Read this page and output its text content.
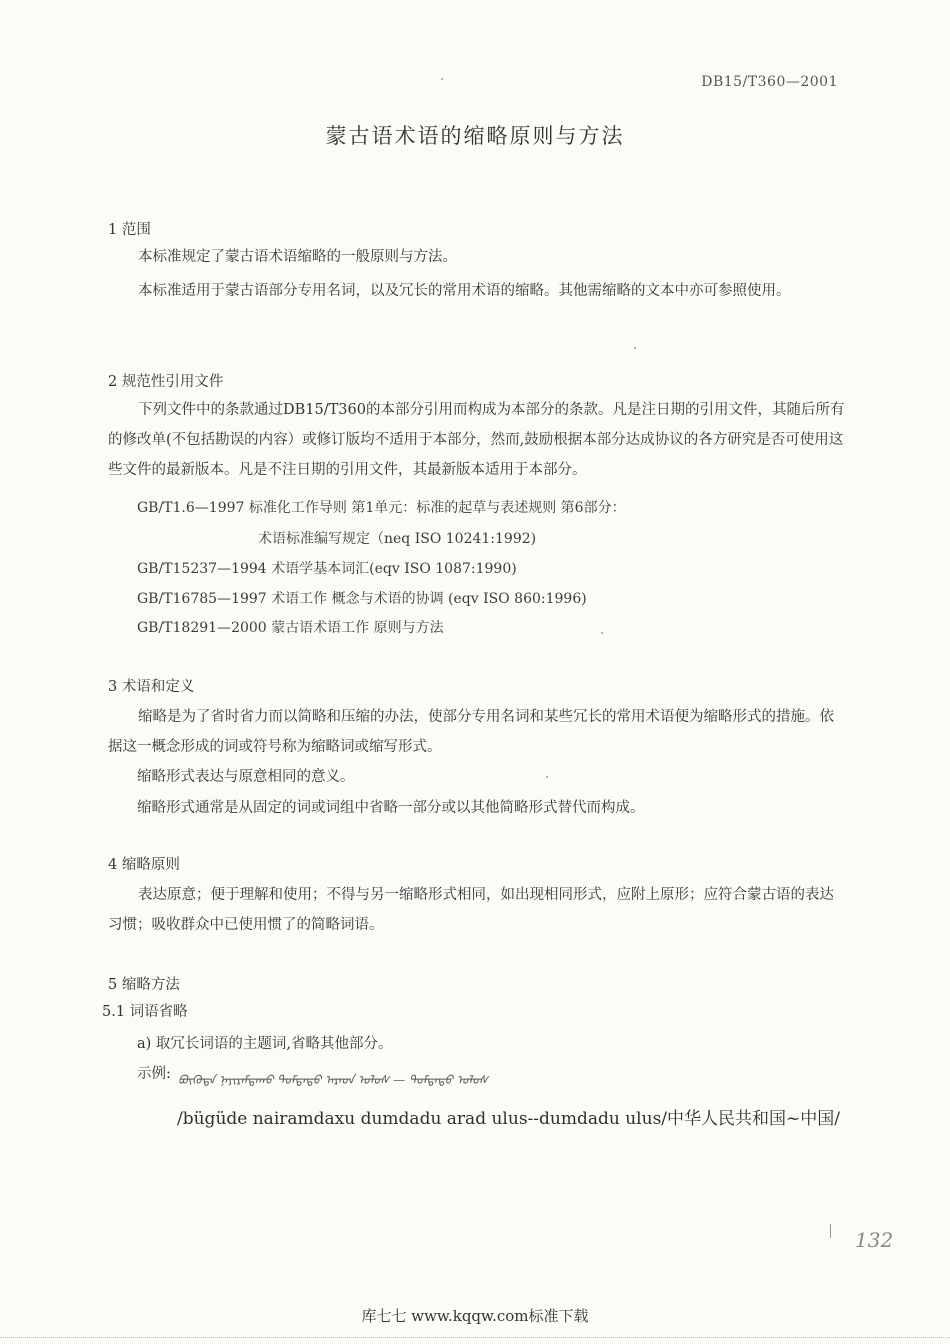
DB15/T360—2001
蒙古语术语的缩略原则与方法
1 范围
本标准规定了蒙古语术语缩略的一般原则与方法。
本标准适用于蒙古语部分专用名词，以及冗长的常用术语的缩略。其他需缩略的文本中亦可参照使用。
2 规范性引用文件
下列文件中的条款通过DB15/T360的本部分引用而构成为本部分的条款。凡是注日期的引用文件，其随后所有的修改单(不包括勘误的内容）或修订版均不适用于本部分，然而,鼓励根据本部分达成协议的各方研究是否可使用这些文件的最新版本。凡是不注日期的引用文件，其最新版本适用于本部分。
GB/T1.6—1997 标准化工作导则 第1单元：标准的起草与表述规则 第6部分：
术语标准编写规定（neq ISO 10241:1992)
GB/T15237—1994 术语学基本词汇(eqv ISO 1087:1990)
GB/T16785—1997 术语工作 概念与术语的协调 (eqv ISO 860:1996)
GB/T18291—2000 蒙古语术语工作 原则与方法
3 术语和定义
缩略是为了省时省力而以简略和压缩的办法，使部分专用名词和某些冗长的常用术语便为缩略形式的措施。依据这一概念形成的词或符号称为缩略词或缩写形式。
缩略形式表达与原意相同的意义。
缩略形式通常是从固定的词或词组中省略一部分或以其他简略形式替代而构成。
4 缩略原则
表达原意；便于理解和使用；不得与另一缩略形式相同，如出现相同形式，应附上原形；应符合蒙古语的表达习惯；吸收群众中已使用惯了的简略词语。
5 缩略方法
5.1 词语省略
a) 取冗长词语的主题词,省略其他部分。
示例: ᠪᠦᠭᠦᠳᠡ ᠨᠠᠶᠢᠷᠠᠮᠳᠠᠬᠤ ᠳᠤᠮᠳᠠᠳᠤ ᠠᠷᠠᠳ ᠤᠯᠤᠰ — ᠳᠤᠮᠳᠠᠳᠤ ᠤᠯᠤᠰ
/bügüde nairamdaxu dumdadu arad ulus--dumdadu ulus/中华人民共和国~中国/
132
库七七 www.kqqw.com标准下载
